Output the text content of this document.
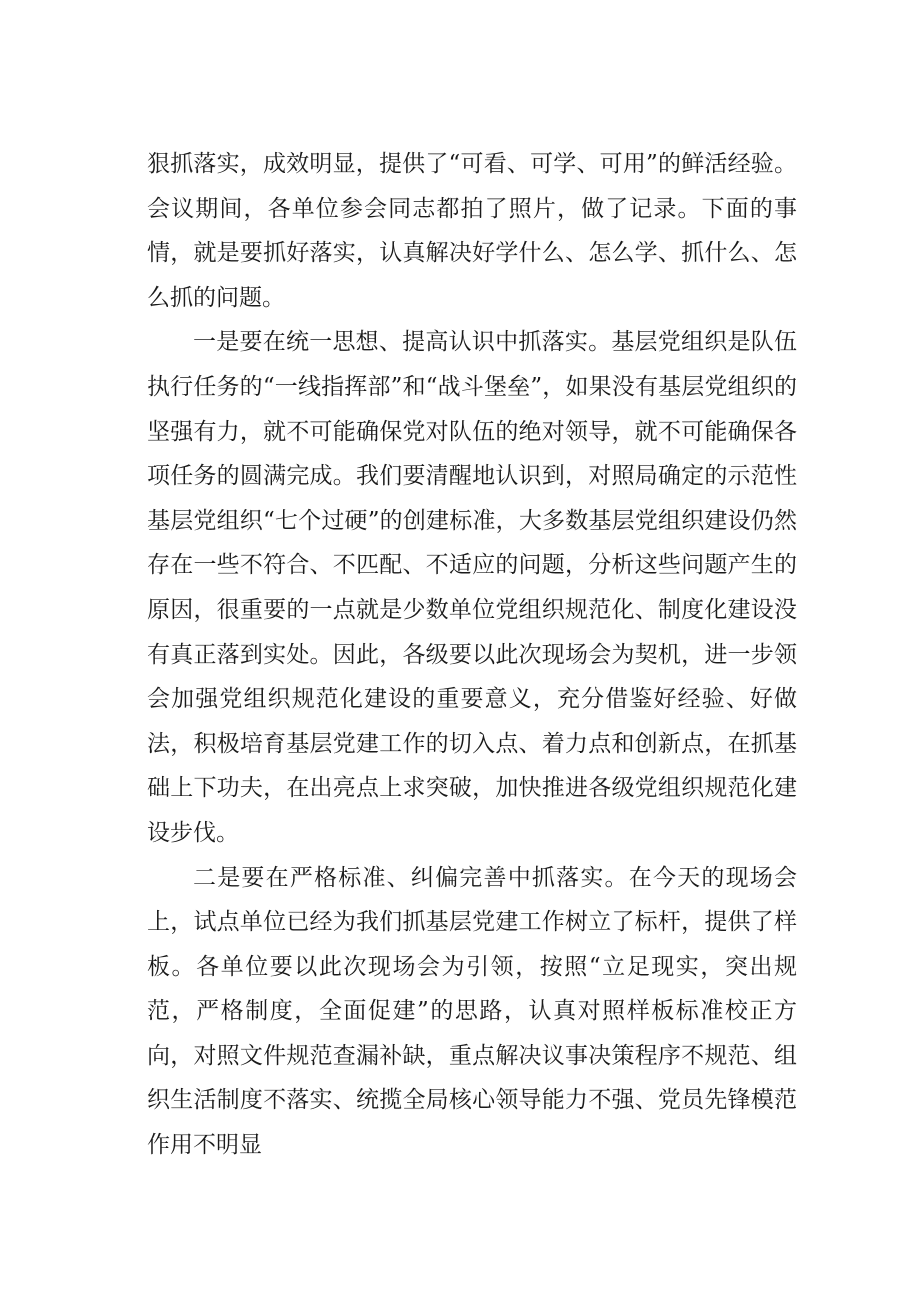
狠抓落实，成效明显，提供了“可看、可学、可用”的鲜活经验。会议期间，各单位参会同志都拍了照片，做了记录。下面的事情，就是要抓好落实，认真解决好学什么、怎么学、抓什么、怎么抓的问题。

一是要在统一思想、提高认识中抓落实。基层党组织是队伍执行任务的“一线指挥部”和“战斗堡垒”，如果没有基层党组织的坚强有力，就不可能确保党对队伍的绝对领导，就不可能确保各项任务的圆满完成。我们要清醒地认识到，对照局确定的示范性基层党组织“七个过硬”的创建标准，大多数基层党组织建设仍然存在一些不符合、不匹配、不适应的问题，分析这些问题产生的原因，很重要的一点就是少数单位党组织规范化、制度化建设没有真正落到实处。因此，各级要以此次现场会为契机，进一步领会加强党组织规范化建设的重要意义，充分借鉴好经验、好做法，积极培育基层党建工作的切入点、着力点和创新点，在抓基础上下功夫，在出亮点上求突破，加快推进各级党组织规范化建设步伐。

二是要在严格标准、纠偏完善中抓落实。在今天的现场会上，试点单位已经为我们抓基层党建工作树立了标杆，提供了样板。各单位要以此次现场会为引领，按照“立足现实，突出规范，严格制度，全面促建”的思路，认真对照样板标准校正方向，对照文件规范查漏补缺，重点解决议事决策程序不规范、组织生活制度不落实、统揽全局核心领导能力不强、党员先锋模范作用不明显
